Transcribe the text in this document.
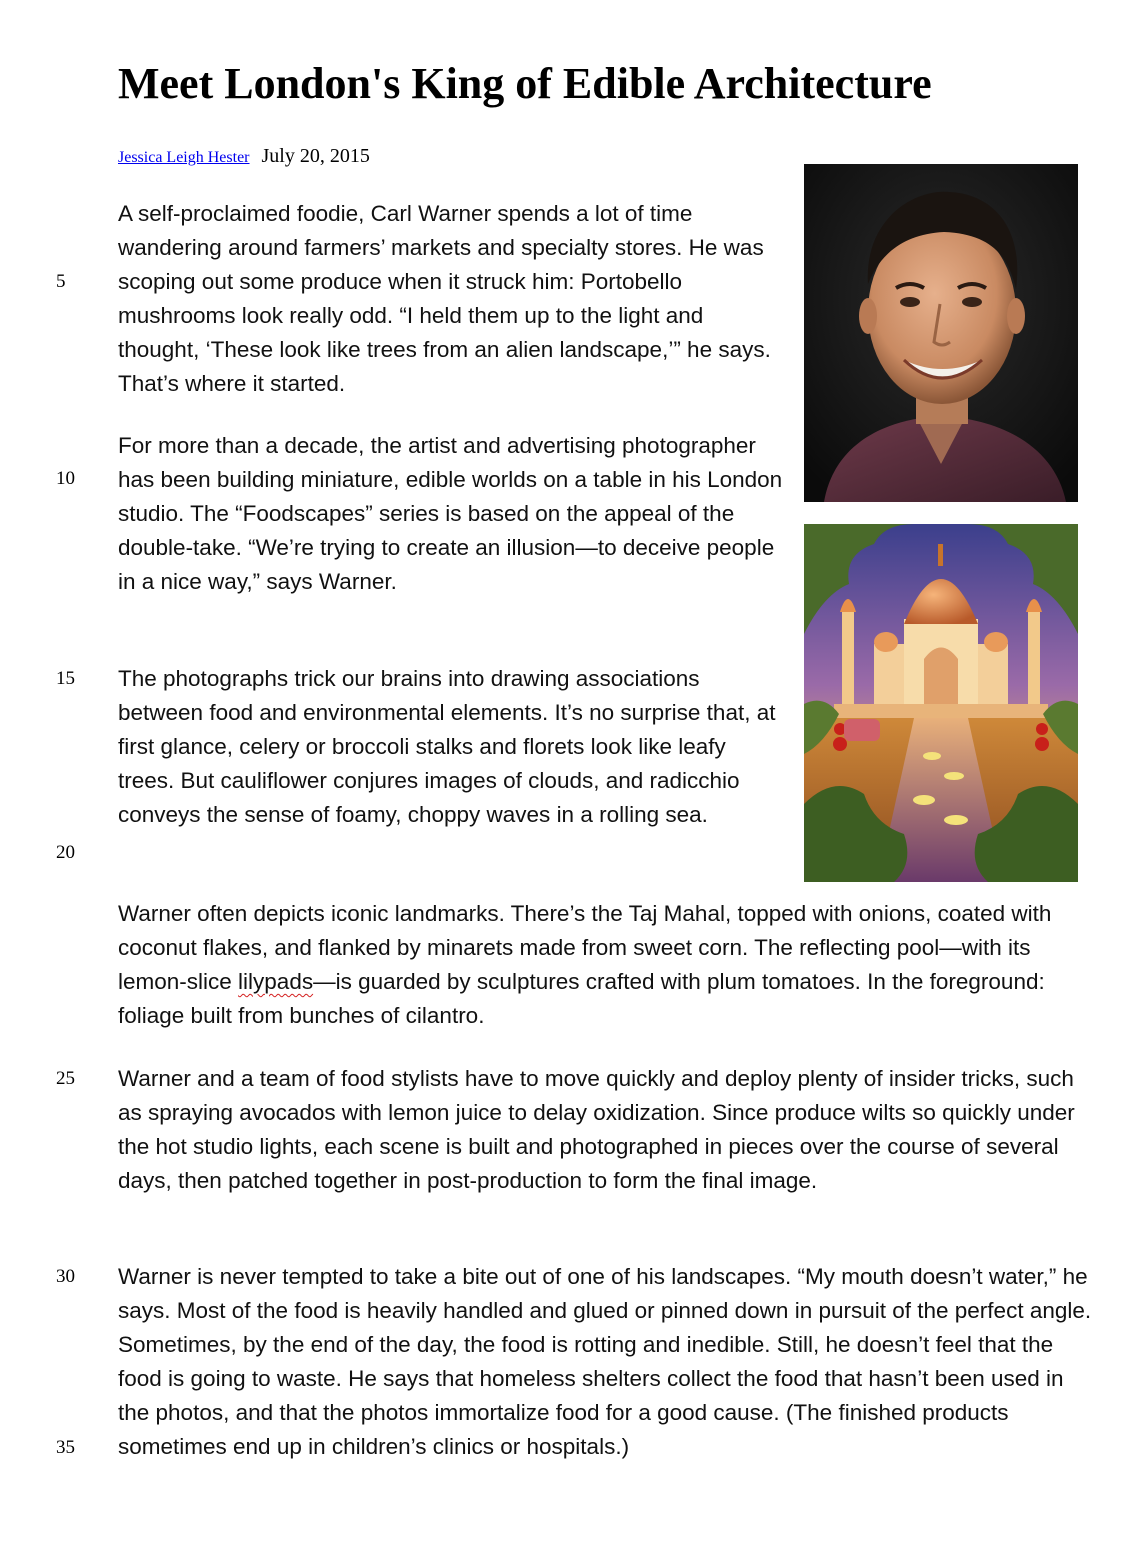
Meet London's King of Edible Architecture
Jessica Leigh Hester July 20, 2015
5
10
15
20
25
30
35

A self-proclaimed foodie, Carl Warner spends a lot of time wandering around farmers’ markets and specialty stores. He was scoping out some produce when it struck him: Portobello mushrooms look really odd. “I held them up to the light and thought, ‘These look like trees from an alien landscape,’” he says. That’s where it started.

For more than a decade, the artist and advertising photographer has been building miniature, edible worlds on a table in his London studio. The “Foodscapes” series is based on the appeal of the double-take. “We’re trying to create an illusion—to deceive people in a nice way,” says Warner.

The photographs trick our brains into drawing associations between food and environmental elements. It’s no surprise that, at first glance, celery or broccoli stalks and florets look like leafy trees. But cauliflower conjures images of clouds, and radicchio conveys the sense of foamy, choppy waves in a rolling sea.

Warner often depicts iconic landmarks. There’s the Taj Mahal, topped with onions, coated with coconut flakes, and flanked by minarets made from sweet corn. The reflecting pool—with its lemon-slice lilypads—is guarded by sculptures crafted with plum tomatoes. In the foreground: foliage built from bunches of cilantro.

Warner and a team of food stylists have to move quickly and deploy plenty of insider tricks, such as spraying avocados with lemon juice to delay oxidization. Since produce wilts so quickly under the hot studio lights, each scene is built and photographed in pieces over the course of several days, then patched together in post-production to form the final image.

Warner is never tempted to take a bite out of one of his landscapes. “My mouth doesn’t water,” he says. Most of the food is heavily handled and glued or pinned down in pursuit of the perfect angle. Sometimes, by the end of the day, the food is rotting and inedible. Still, he doesn’t feel that the food is going to waste. He says that homeless shelters collect the food that hasn’t been used in the photos, and that the photos immortalize food for a good cause. (The finished products sometimes end up in children’s clinics or hospitals.)
